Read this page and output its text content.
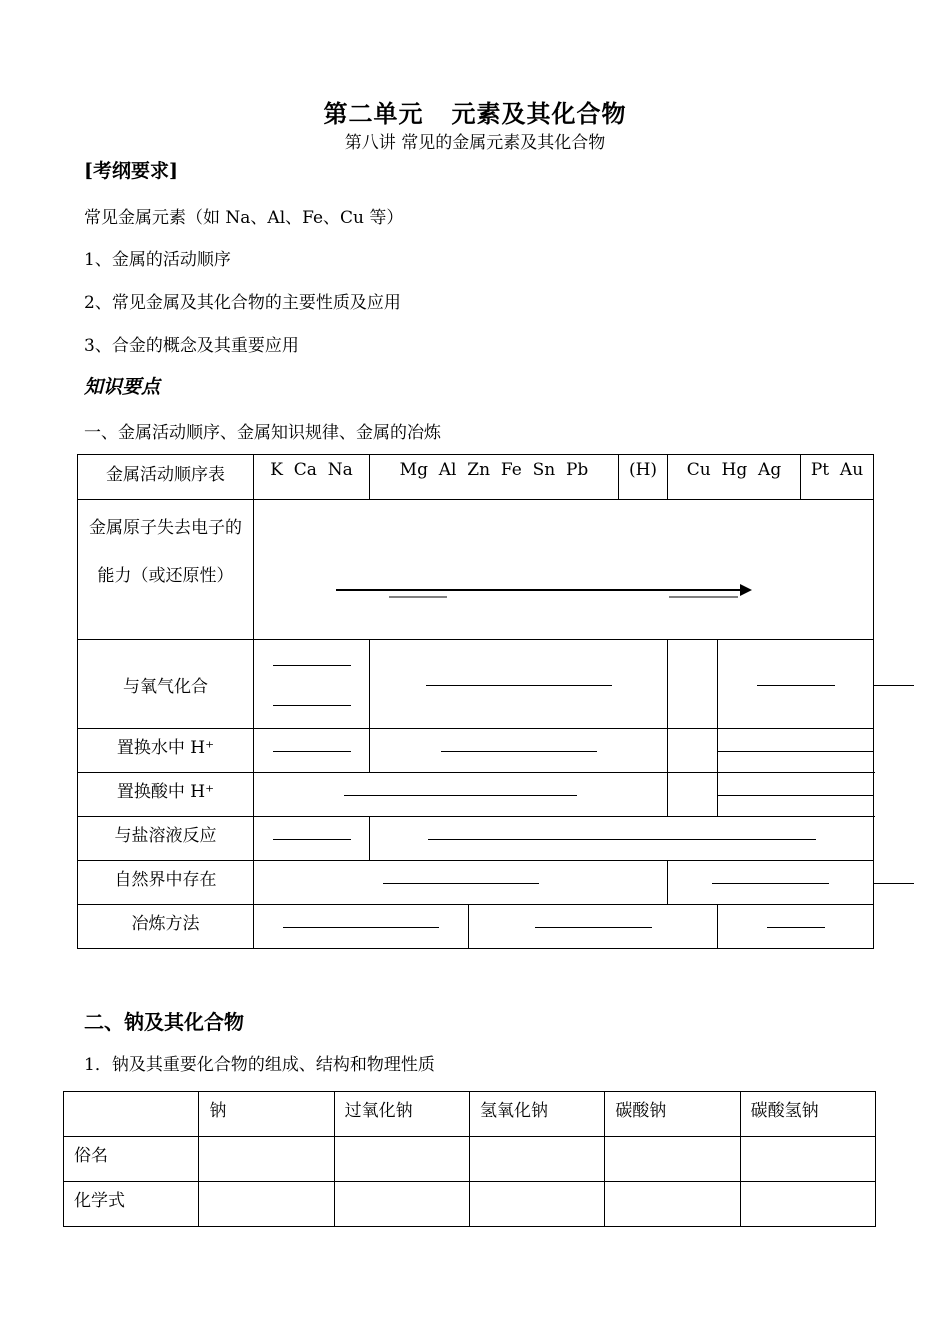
第二单元   元素及其化合物
第八讲 常见的金属元素及其化合物
[考纲要求]
常见金属元素（如 Na、Al、Fe、Cu 等）
1、金属的活动顺序
2、常见金属及其化合物的主要性质及应用
3、合金的概念及其重要应用
知识要点
一、金属活动顺序、金属知识规律、金属的冶炼
金属活动顺序表	K  Ca  Na	Mg  Al  Zn  Fe  Sn  Pb		(H)	Cu  Hg  Ag		Pt  Au	
金属原子失去电子的能力（或还原性）	

与氧气化合				

置换水中 H⁺								
置换酸中 H⁺								
与盐溶液反应								
自然界中存在								
冶炼方法								
二、钠及其化合物
1．钠及其重要化合物的组成、结构和物理性质
	钠	过氧化钠	氢氧化钠	碳酸钠	碳酸氢钠
俗名					
化学式					
